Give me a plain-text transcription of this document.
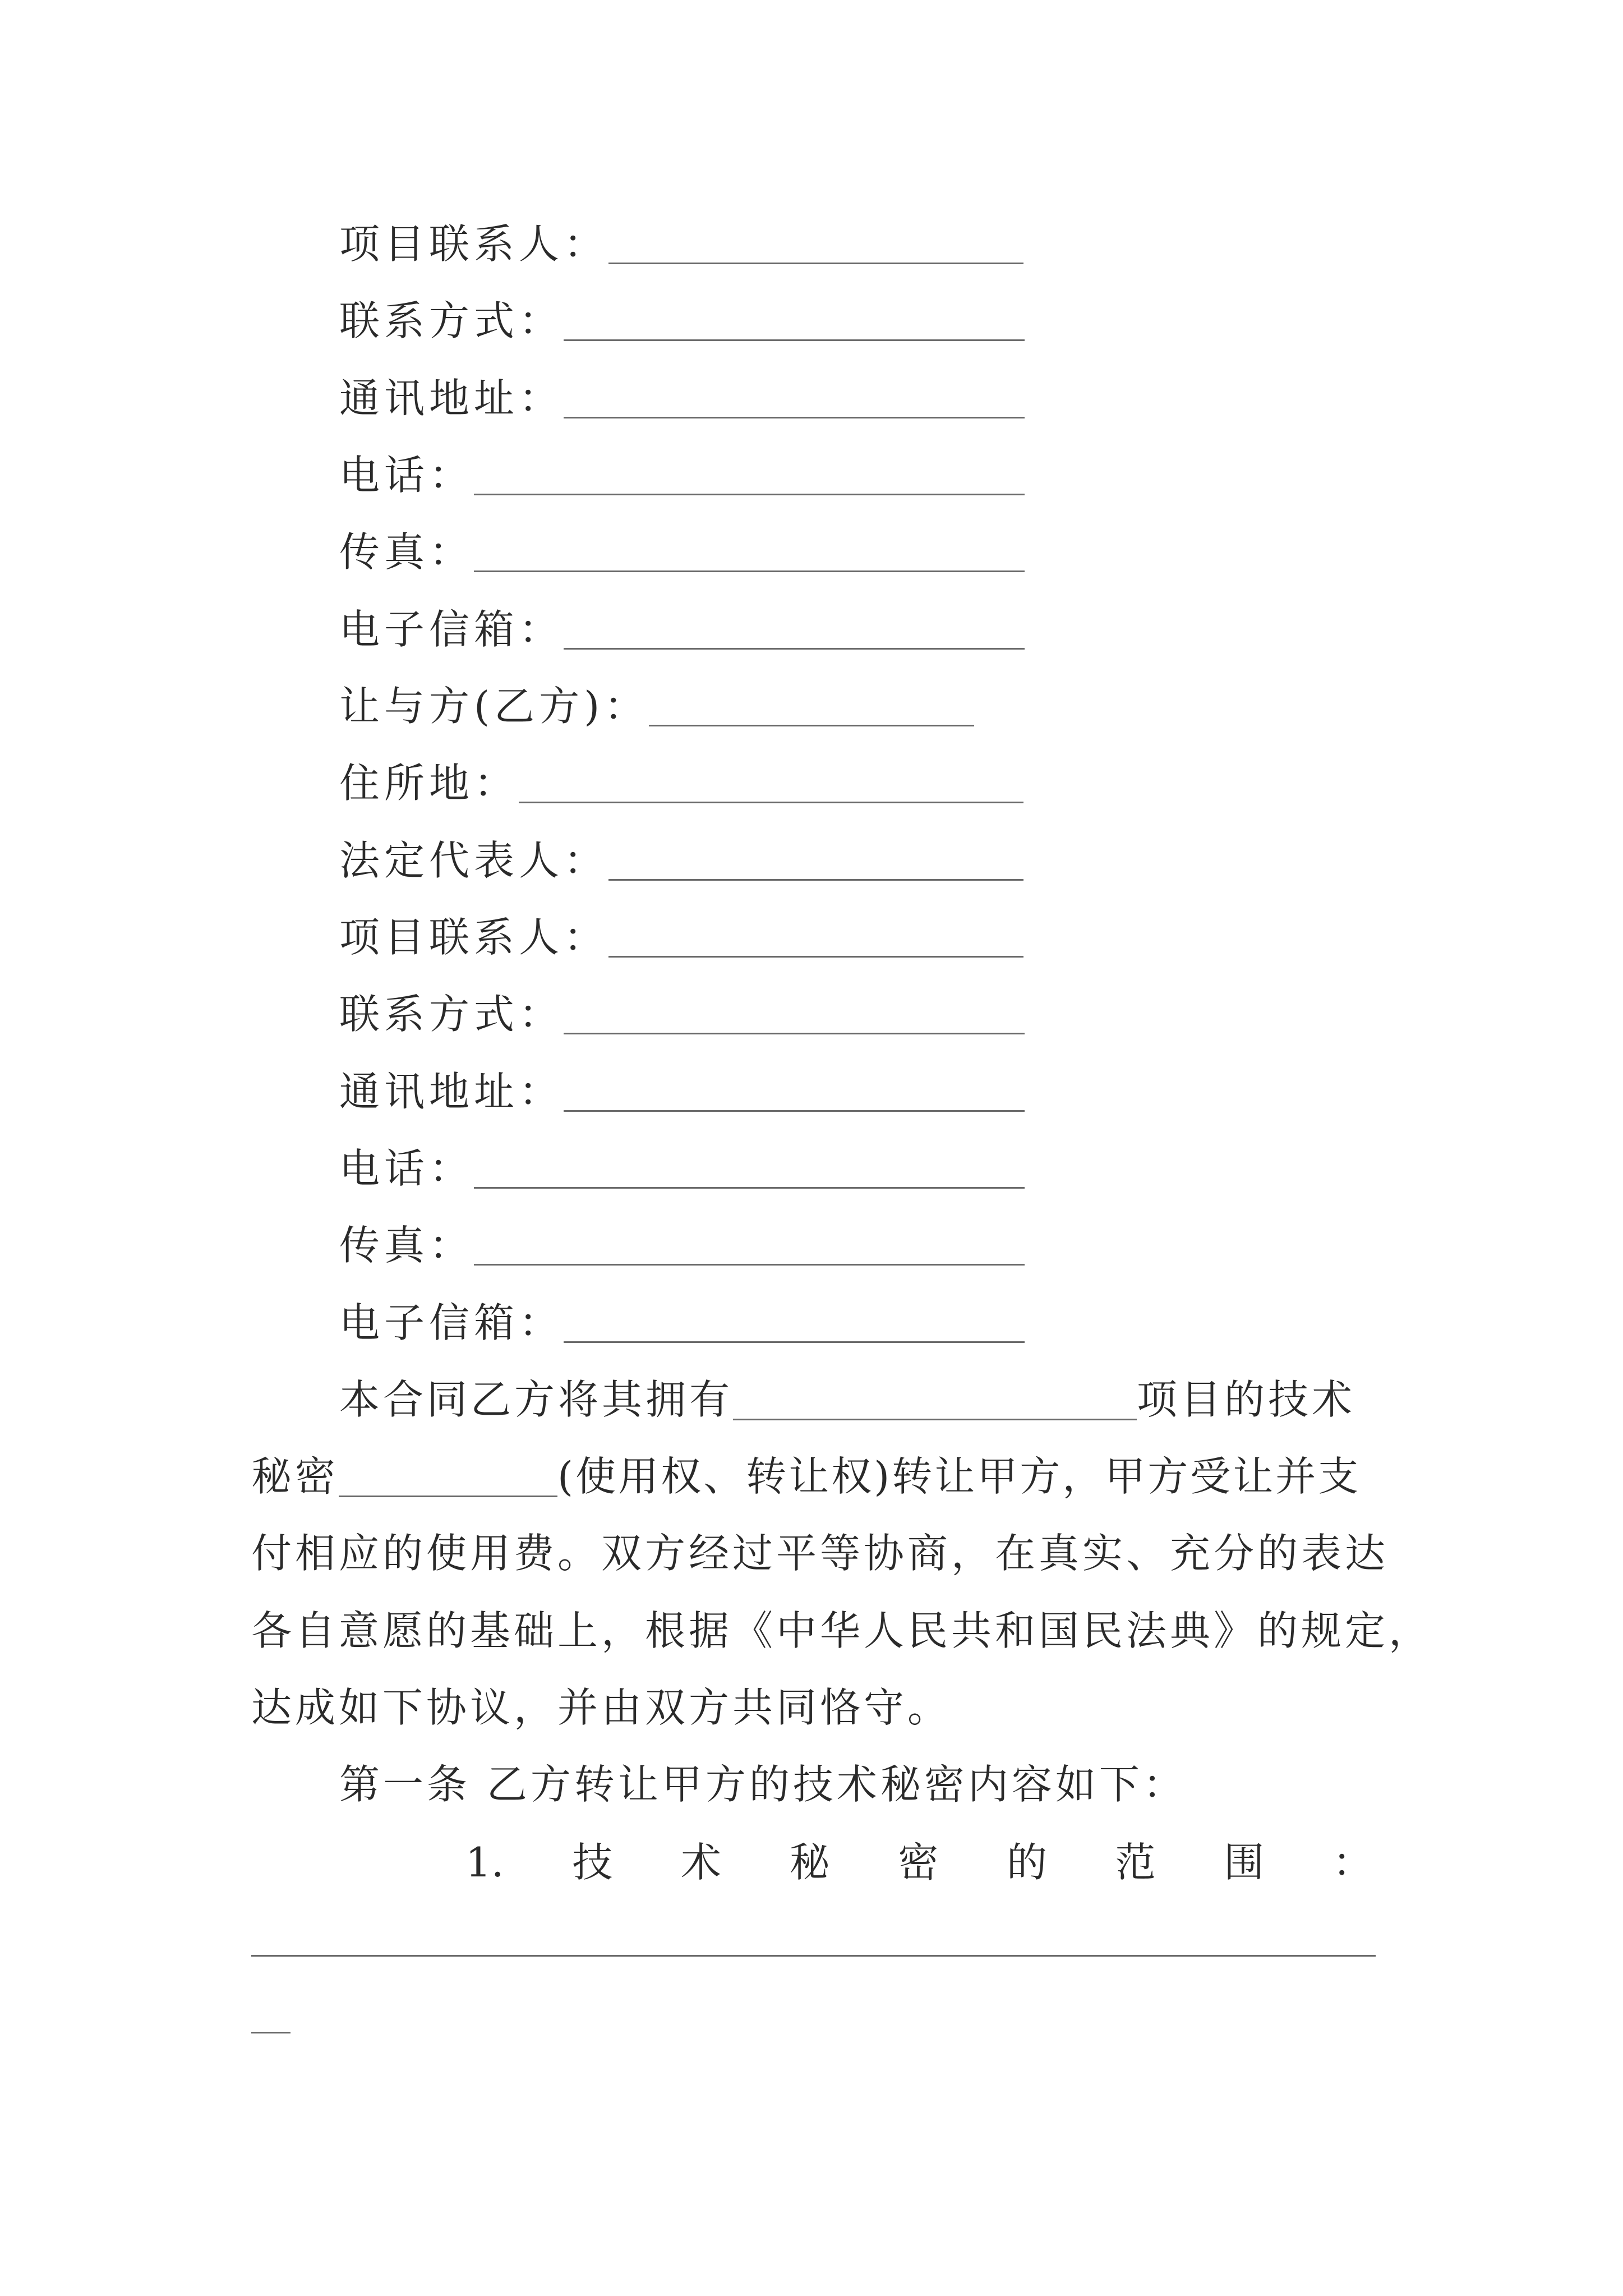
项目联系人：
联系方式：
通讯地址：
电话：
传真：
电子信箱：
让与方(乙方)：
住所地：
法定代表人：
项目联系人：
联系方式：
通讯地址：
电话：
传真：
电子信箱：
本合同乙方将其拥有	项目的技术
秘密	(使用权、转让权)转让甲方，甲方受让并支
付相应的使用费。双方经过平等协商，在真实、充分的表达
各自意愿的基础上，根据《中华人民共和国民法典》的规定，
达成如下协议，并由双方共同恪守。
第一条 乙方转让甲方的技术秘密内容如下：
1. 技 术 秘 密 的 范 围 ：
